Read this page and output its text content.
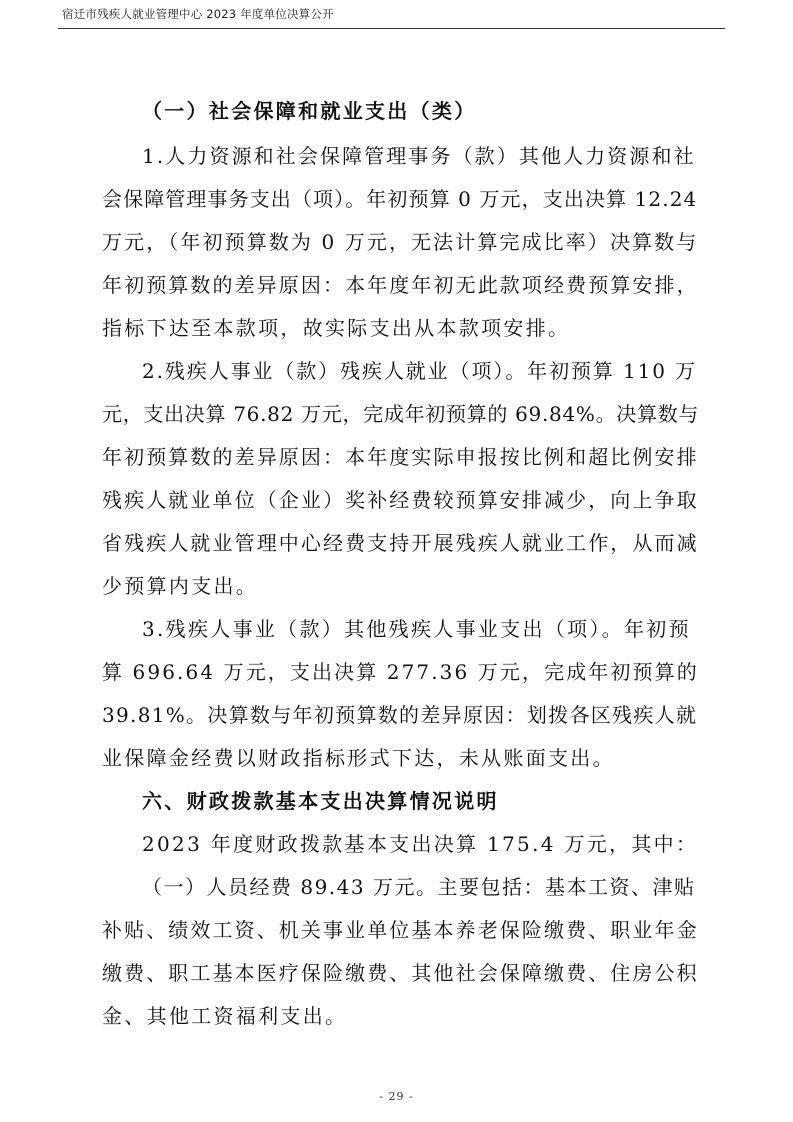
宿迁市残疾人就业管理中心 2023 年度单位决算公开
（一）社会保障和就业支出（类）
1.人力资源和社会保障管理事务（款）其他人力资源和社
会保障管理事务支出（项）。年初预算 0 万元，支出决算 12.24
万元，（年初预算数为 0 万元，无法计算完成比率）决算数与
年初预算数的差异原因：本年度年初无此款项经费预算安排，
指标下达至本款项，故实际支出从本款项安排。
2.残疾人事业（款）残疾人就业（项）。年初预算 110 万
元，支出决算 76.82 万元，完成年初预算的 69.84%。决算数与
年初预算数的差异原因：本年度实际申报按比例和超比例安排
残疾人就业单位（企业）奖补经费较预算安排减少，向上争取
省残疾人就业管理中心经费支持开展残疾人就业工作，从而减
少预算内支出。
3.残疾人事业（款）其他残疾人事业支出（项）。年初预
算 696.64 万元，支出决算 277.36 万元，完成年初预算的
39.81%。决算数与年初预算数的差异原因：划拨各区残疾人就
业保障金经费以财政指标形式下达，未从账面支出。
六、财政拨款基本支出决算情况说明
2023 年度财政拨款基本支出决算 175.4 万元，其中：
（一）人员经费 89.43 万元。主要包括：基本工资、津贴
补贴、绩效工资、机关事业单位基本养老保险缴费、职业年金
缴费、职工基本医疗保险缴费、其他社会保障缴费、住房公积
金、其他工资福利支出。
- 29 -
